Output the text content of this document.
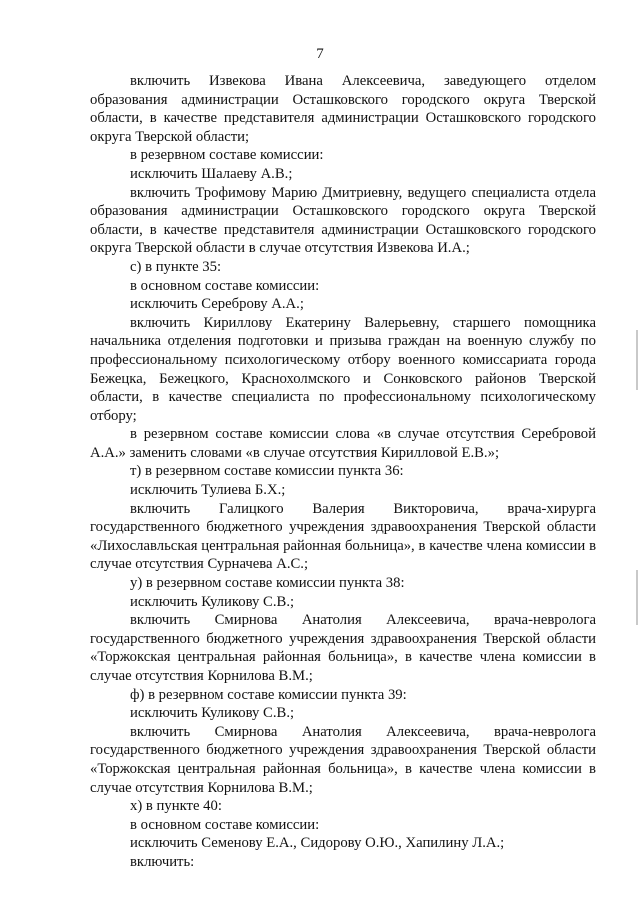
7

включить Извекова Ивана Алексеевича, заведующего отделом образования администрации Осташковского городского округа Тверской области, в качестве представителя администрации Осташковского городского округа Тверской области;

в резервном составе комиссии:

исключить Шалаеву А.В.;

включить Трофимову Марию Дмитриевну, ведущего специалиста отдела образования администрации Осташковского городского округа Тверской области, в качестве представителя администрации Осташковского городского округа Тверской области в случае отсутствия Извекова И.А.;

с) в пункте 35:

в основном составе комиссии:

исключить Сереброву А.А.;

включить Кириллову Екатерину Валерьевну, старшего помощника начальника отделения подготовки и призыва граждан на военную службу по профессиональному психологическому отбору военного комиссариата города Бежецка, Бежецкого, Краснохолмского и Сонковского районов Тверской области, в качестве специалиста по профессиональному психологическому отбору;

в резервном составе комиссии слова «в случае отсутствия Серебровой А.А.» заменить словами «в случае отсутствия Кирилловой Е.В.»;

т) в резервном составе комиссии пункта 36:

исключить Тулиева Б.Х.;

включить Галицкого Валерия Викторовича, врача-хирурга государственного бюджетного учреждения здравоохранения Тверской области «Лихославльская центральная районная больница», в качестве члена комиссии в случае отсутствия Сурначева А.С.;

у) в резервном составе комиссии пункта 38:

исключить Куликову С.В.;

включить Смирнова Анатолия Алексеевича, врача-невролога государственного бюджетного учреждения здравоохранения Тверской области «Торжокская центральная районная больница», в качестве члена комиссии в случае отсутствия Корнилова В.М.;

ф) в резервном составе комиссии пункта 39:

исключить Куликову С.В.;

включить Смирнова Анатолия Алексеевича, врача-невролога государственного бюджетного учреждения здравоохранения Тверской области «Торжокская центральная районная больница», в качестве члена комиссии в случае отсутствия Корнилова В.М.;

х) в пункте 40:

в основном составе комиссии:

исключить Семенову Е.А., Сидорову О.Ю., Хапилину Л.А.;

включить:
